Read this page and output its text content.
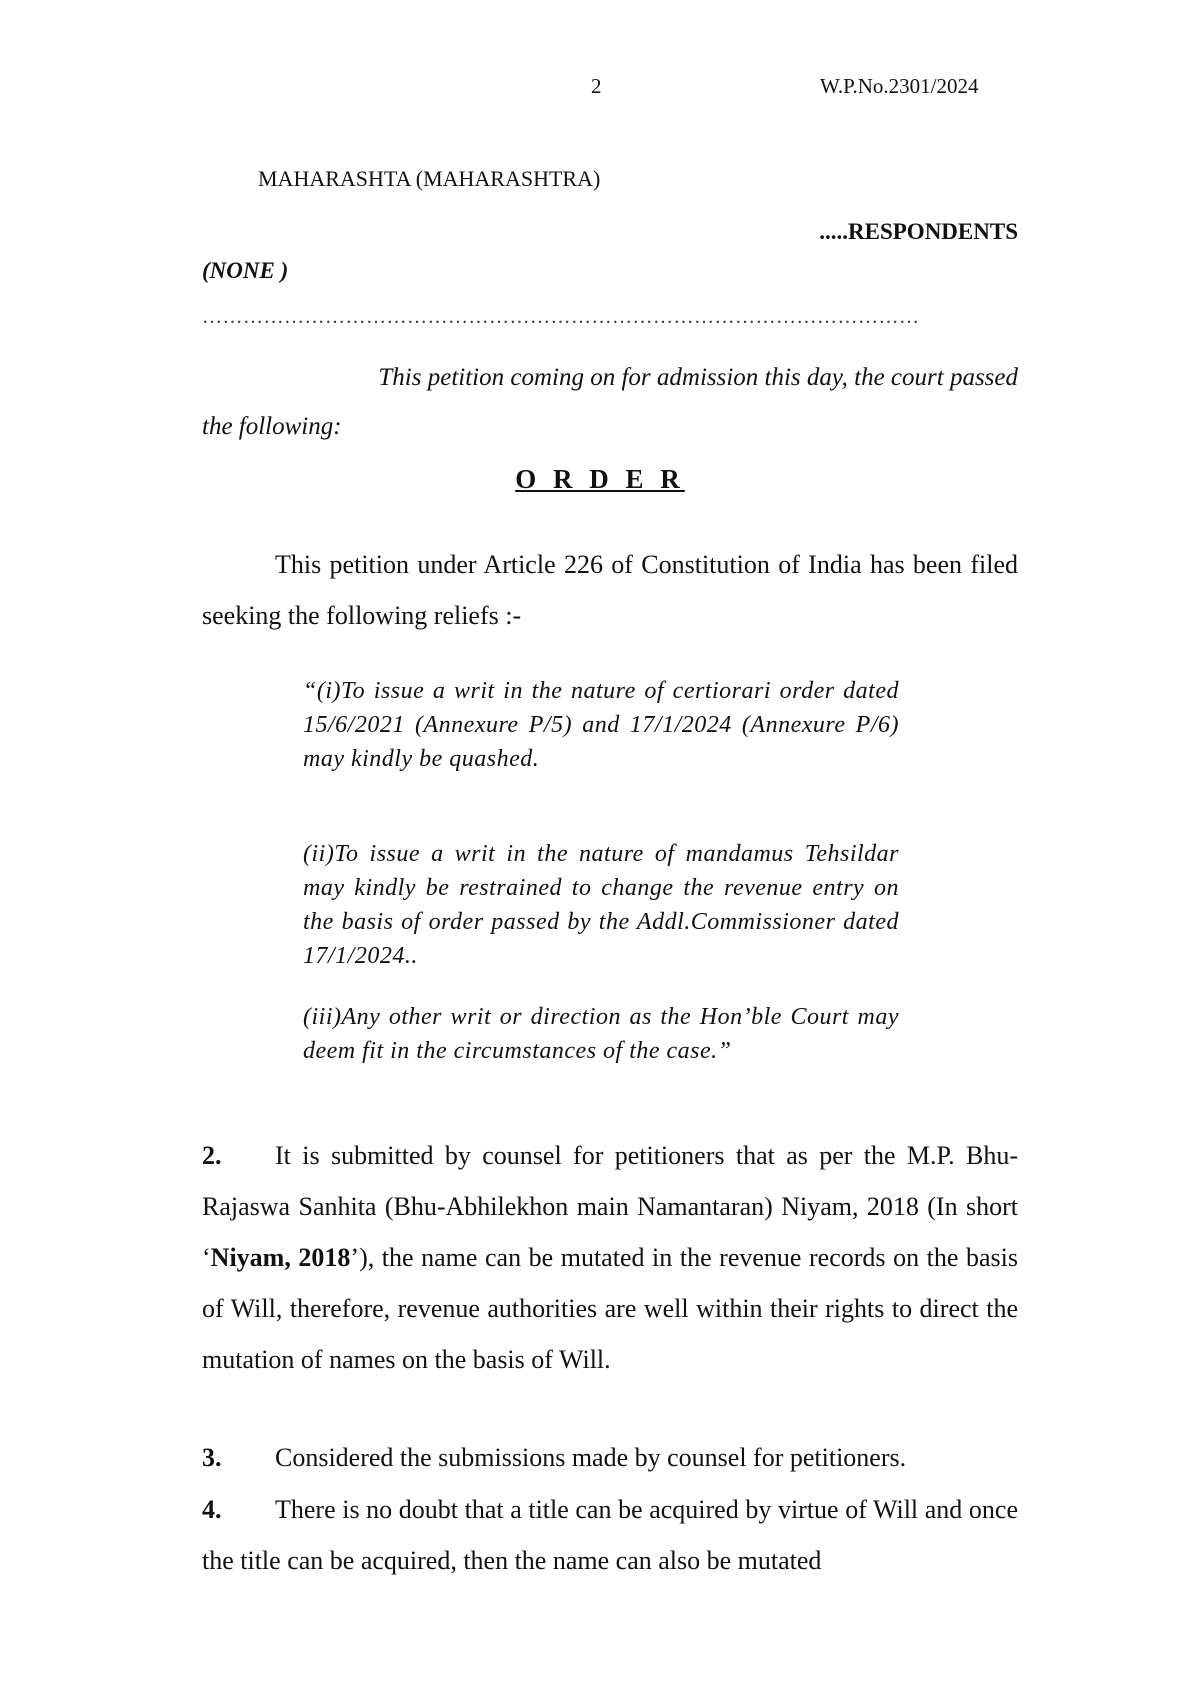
2	W.P.No.2301/2024
MAHARASHTA (MAHARASHTRA)
.....RESPONDENTS
(NONE )
……………………………………………………………………………………………
This petition coming on for admission this day, the court passed
the following:
O R D E R
This petition under Article 226 of Constitution of India has been filed seeking the following reliefs :-
“(i)To issue a writ in the nature of certiorari order dated 15/6/2021 (Annexure P/5) and 17/1/2024 (Annexure P/6) may kindly be quashed.
(ii)To issue a writ in the nature of mandamus Tehsildar may kindly be restrained to change the revenue entry on the basis of order passed by the Addl.Commissioner dated 17/1/2024..
(iii)Any other writ or direction as the Hon’ble Court may deem fit in the circumstances of the case.”
2. It is submitted by counsel for petitioners that as per the M.P. Bhu-Rajaswa Sanhita (Bhu-Abhilekhon main Namantaran) Niyam, 2018 (In short ‘Niyam, 2018’), the name can be mutated in the revenue records on the basis of Will, therefore, revenue authorities are well within their rights to direct the mutation of names on the basis of Will.
3. Considered the submissions made by counsel for petitioners.
4. There is no doubt that a title can be acquired by virtue of Will and once the title can be acquired, then the name can also be mutated
